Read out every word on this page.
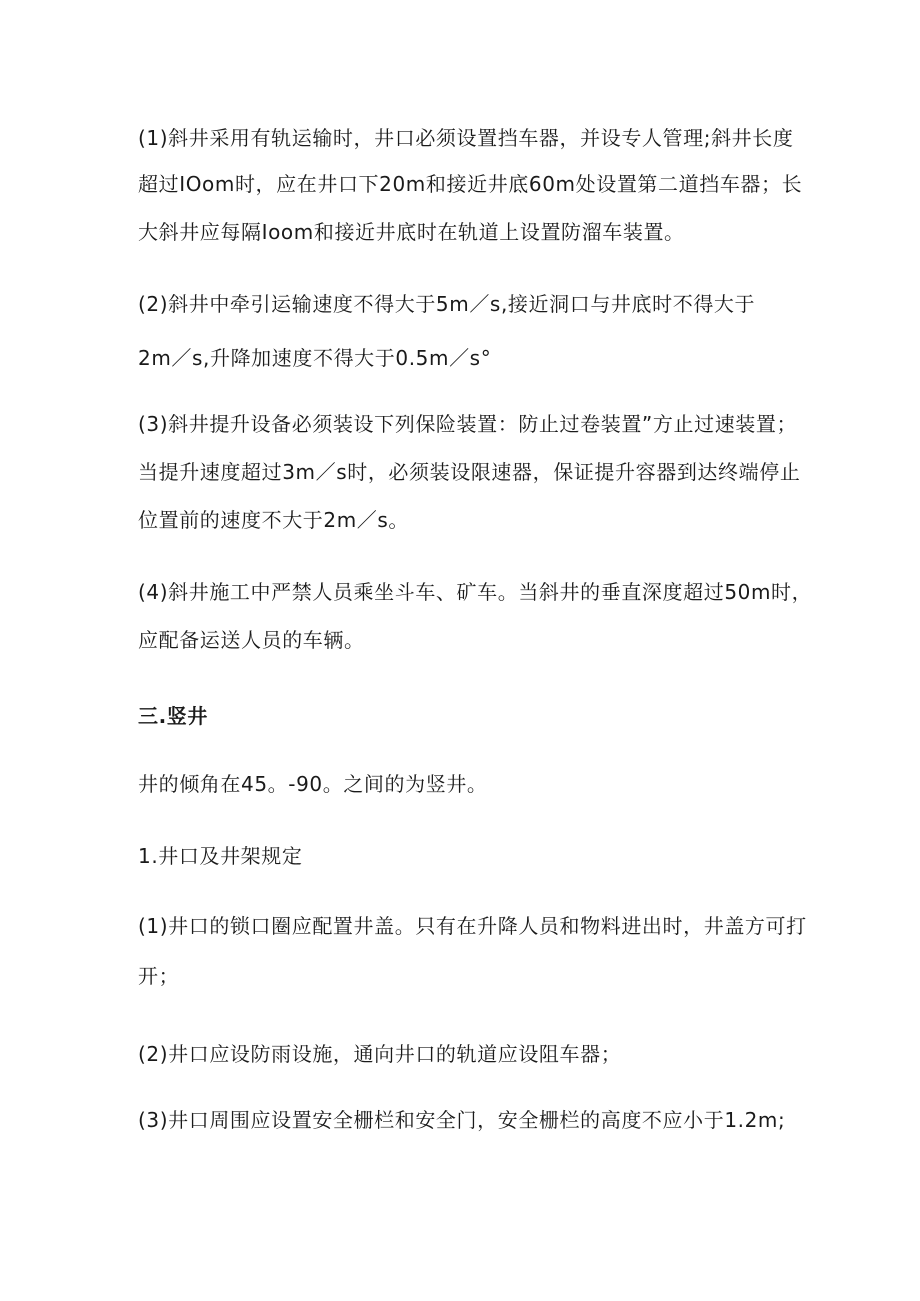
(1)斜井采用有轨运输时，井口必须设置挡车器，并设专人管理;斜井长度
超过IOom时，应在井口下20m和接近井底60m处设置第二道挡车器；长
大斜井应每隔Ioom和接近井底时在轨道上设置防溜车装置。
(2)斜井中牵引运输速度不得大于5m／s,接近洞口与井底时不得大于
2m／s,升降加速度不得大于0.5m／s°
(3)斜井提升设备必须装设下列保险装置：防止过卷装置”方止过速装置；
当提升速度超过3m／s时，必须装设限速器，保证提升容器到达终端停止
位置前的速度不大于2m／s。
(4)斜井施工中严禁人员乘坐斗车、矿车。当斜井的垂直深度超过50m时，
应配备运送人员的车辆。
三.竖井
井的倾角在45。-90。之间的为竖井。
1.井口及井架规定
(1)井口的锁口圈应配置井盖。只有在升降人员和物料进出时，井盖方可打
开；
(2)井口应设防雨设施，通向井口的轨道应设阻车器；
(3)井口周围应设置安全栅栏和安全门，安全栅栏的高度不应小于1.2m;
